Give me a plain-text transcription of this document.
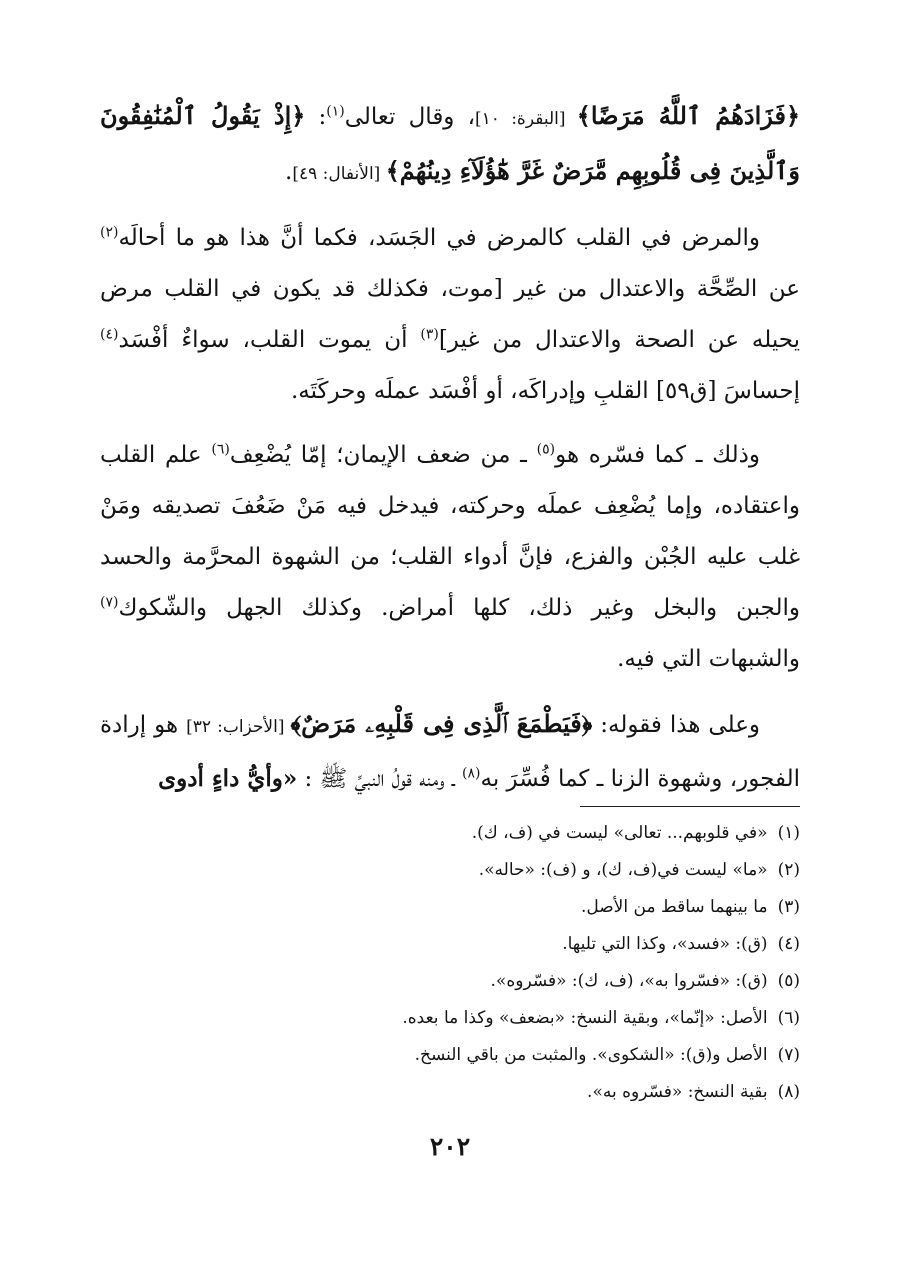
﴿فَزَادَهُمُ ٱللَّهُ مَرَضًا﴾ [البقرة: ١٠]، وقال تعالى$^{(١)}$: ﴿إِذْ يَقُولُ ٱلْمُنَٰفِقُونَ وَٱلَّذِينَ فِى قُلُوبِهِم مَّرَضٌ غَرَّ هَٰٓؤُلَآءِ دِينُهُمْ﴾ [الأنفال: ٤٩].

والمرض في القلب كالمرض في الجَسَد، فكما أنَّ هذا هو ما أحالَه$^{(٢)}$ عن الصِّحَّة والاعتدال من غير [موت، فكذلك قد يكون في القلب مرض يحيله عن الصحة والاعتدال من غير]$^{(٣)}$ أن يموت القلب، سواءٌ أفْسَد$^{(٤)}$ إحساسَ [ق٥٩] القلبِ وإدراكَه، أو أفْسَد عملَه وحركَتَه.

وذلك ـ كما فسّره هو$^{(٥)}$ ـ من ضعف الإيمان؛ إمّا يُضْعِف$^{(٦)}$ علم القلب واعتقاده، وإما يُضْعِف عملَه وحركته، فيدخل فيه مَنْ ضَعُفَ تصديقه ومَنْ غلب عليه الجُبْن والفزع، فإنَّ أدواء القلب؛ من الشهوة المحرَّمة والحسد والجبن والبخل وغير ذلك، كلها أمراض. وكذلك الجهل والشّكوك$^{(٧)}$ والشبهات التي فيه.

وعلى هذا فقوله: ﴿فَيَطْمَعَ ٱلَّذِى فِى قَلْبِهِۦ مَرَضٌ﴾ [الأحزاب: ٣٢] هو إرادة الفجور، وشهوة الزنا ـ كما فُسِّرَ به$^{(٨)}$ ـ ومنه قولُ النبيِّ ﷺ : «وأيُّ داءٍ أدوى

(١)
«في قلوبهم... تعالى» ليست في (ف، ك).
(٢)
«ما» ليست في(ف، ك)، و (ف): «حاله».
(٣)
ما بينهما ساقط من الأصل.
(٤)
(ق): «فسد»، وكذا التي تليها.
(٥)
(ق): «فسّروا به»، (ف، ك): «فسّروه».
(٦)
الأصل: «إنّما»، وبقية النسخ: «بضعف» وكذا ما بعده.
(٧)
الأصل و(ق): «الشكوى». والمثبت من باقي النسخ.
(٨)
بقية النسخ: «فسّروه به».
٢٠٢
